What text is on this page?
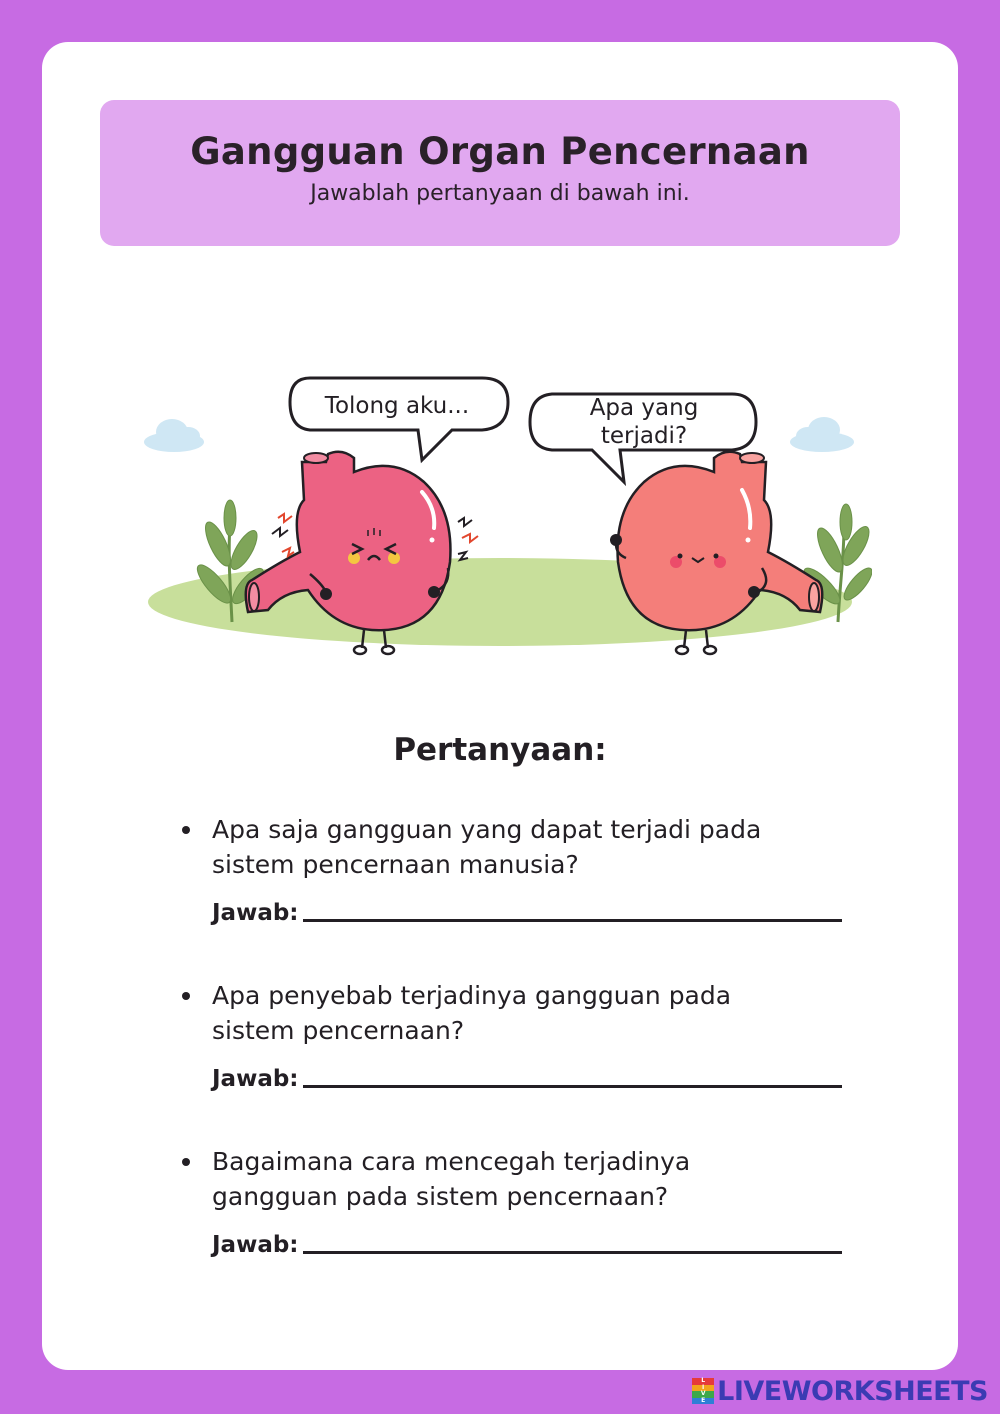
Gangguan Organ Pencernaan
Jawablah pertanyaan di bawah ini.
Tolong aku...	Apa yang
terjadi?
Pertanyaan:
Apa saja gangguan yang dapat terjadi pada
sistem pencernaan manusia?
Jawab:
Apa penyebab terjadinya gangguan pada
sistem pencernaan?
Jawab:
Bagaimana cara mencegah terjadinya
gangguan pada sistem pencernaan?
Jawab:
L
I
V
E LIVEWORKSHEETS
